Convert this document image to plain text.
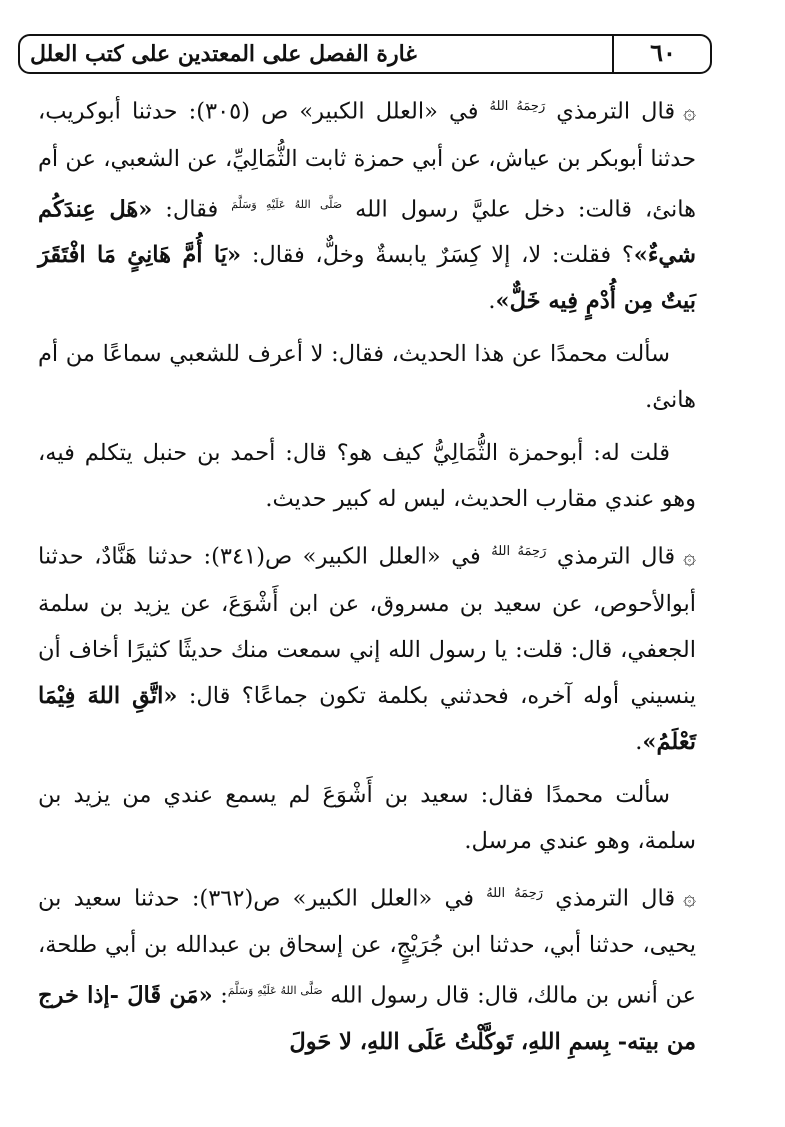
غارة الفصل على المعتدين على كتب العلل	٦٠

۞قال الترمذي $^{رَحِمَهُ اللهُ}$ في «العلل الكبير» ص (٣٠٥): حدثنا أبوكريب، حدثنا أبوبكر بن عياش، عن أبي حمزة ثابت الثُّمَالِيِّ، عن الشعبي، عن أم هانئ، قالت: دخل عليَّ رسول الله $^{صَلَّى اللهُ عَلَيْهِ وَسَلَّمَ}$ فقال: «هَل عِندَكُم شيءٌ»؟ فقلت: لا، إلا كِسَرٌ يابسةٌ وخلٌّ، فقال: «يَا أُمَّ هَانِئٍ مَا افْتَقَرَ بَيتٌ مِن أُدْمٍ فِيه خَلٌّ».

سألت محمدًا عن هذا الحديث، فقال: لا أعرف للشعبي سماعًا من أم هانئ.

قلت له: أبوحمزة الثُّمَالِيُّ كيف هو؟ قال: أحمد بن حنبل يتكلم فيه، وهو عندي مقارب الحديث، ليس له كبير حديث.

۞قال الترمذي $^{رَحِمَهُ اللهُ}$ في «العلل الكبير» ص(٣٤١): حدثنا هَنَّادٌ، حدثنا أبوالأحوص، عن سعيد بن مسروق، عن ابن أَشْوَعَ، عن يزيد بن سلمة الجعفي، قال: قلت: يا رسول الله إني سمعت منك حديثًا كثيرًا أخاف أن ينسيني أوله آخره، فحدثني بكلمة تكون جماعًا؟ قال: «اتَّقِ اللهَ فِيْمَا تَعْلَمُ».

سألت محمدًا فقال: سعيد بن أَشْوَعَ لم يسمع عندي من يزيد بن سلمة، وهو عندي مرسل.

۞قال الترمذي $^{رَحِمَهُ اللهُ}$ في «العلل الكبير» ص(٣٦٢): حدثنا سعيد بن يحيى، حدثنا أبي، حدثنا ابن جُرَيْجٍ، عن إسحاق بن عبدالله بن أبي طلحة، عن أنس بن مالك، قال: قال رسول الله $^{صَلَّى اللهُ عَلَيْهِ وَسَلَّمَ}$: «مَن قَالَ -إذا خرج من بيته- بِسمِ اللهِ، تَوكَّلْتُ عَلَى اللهِ، لا حَولَ
